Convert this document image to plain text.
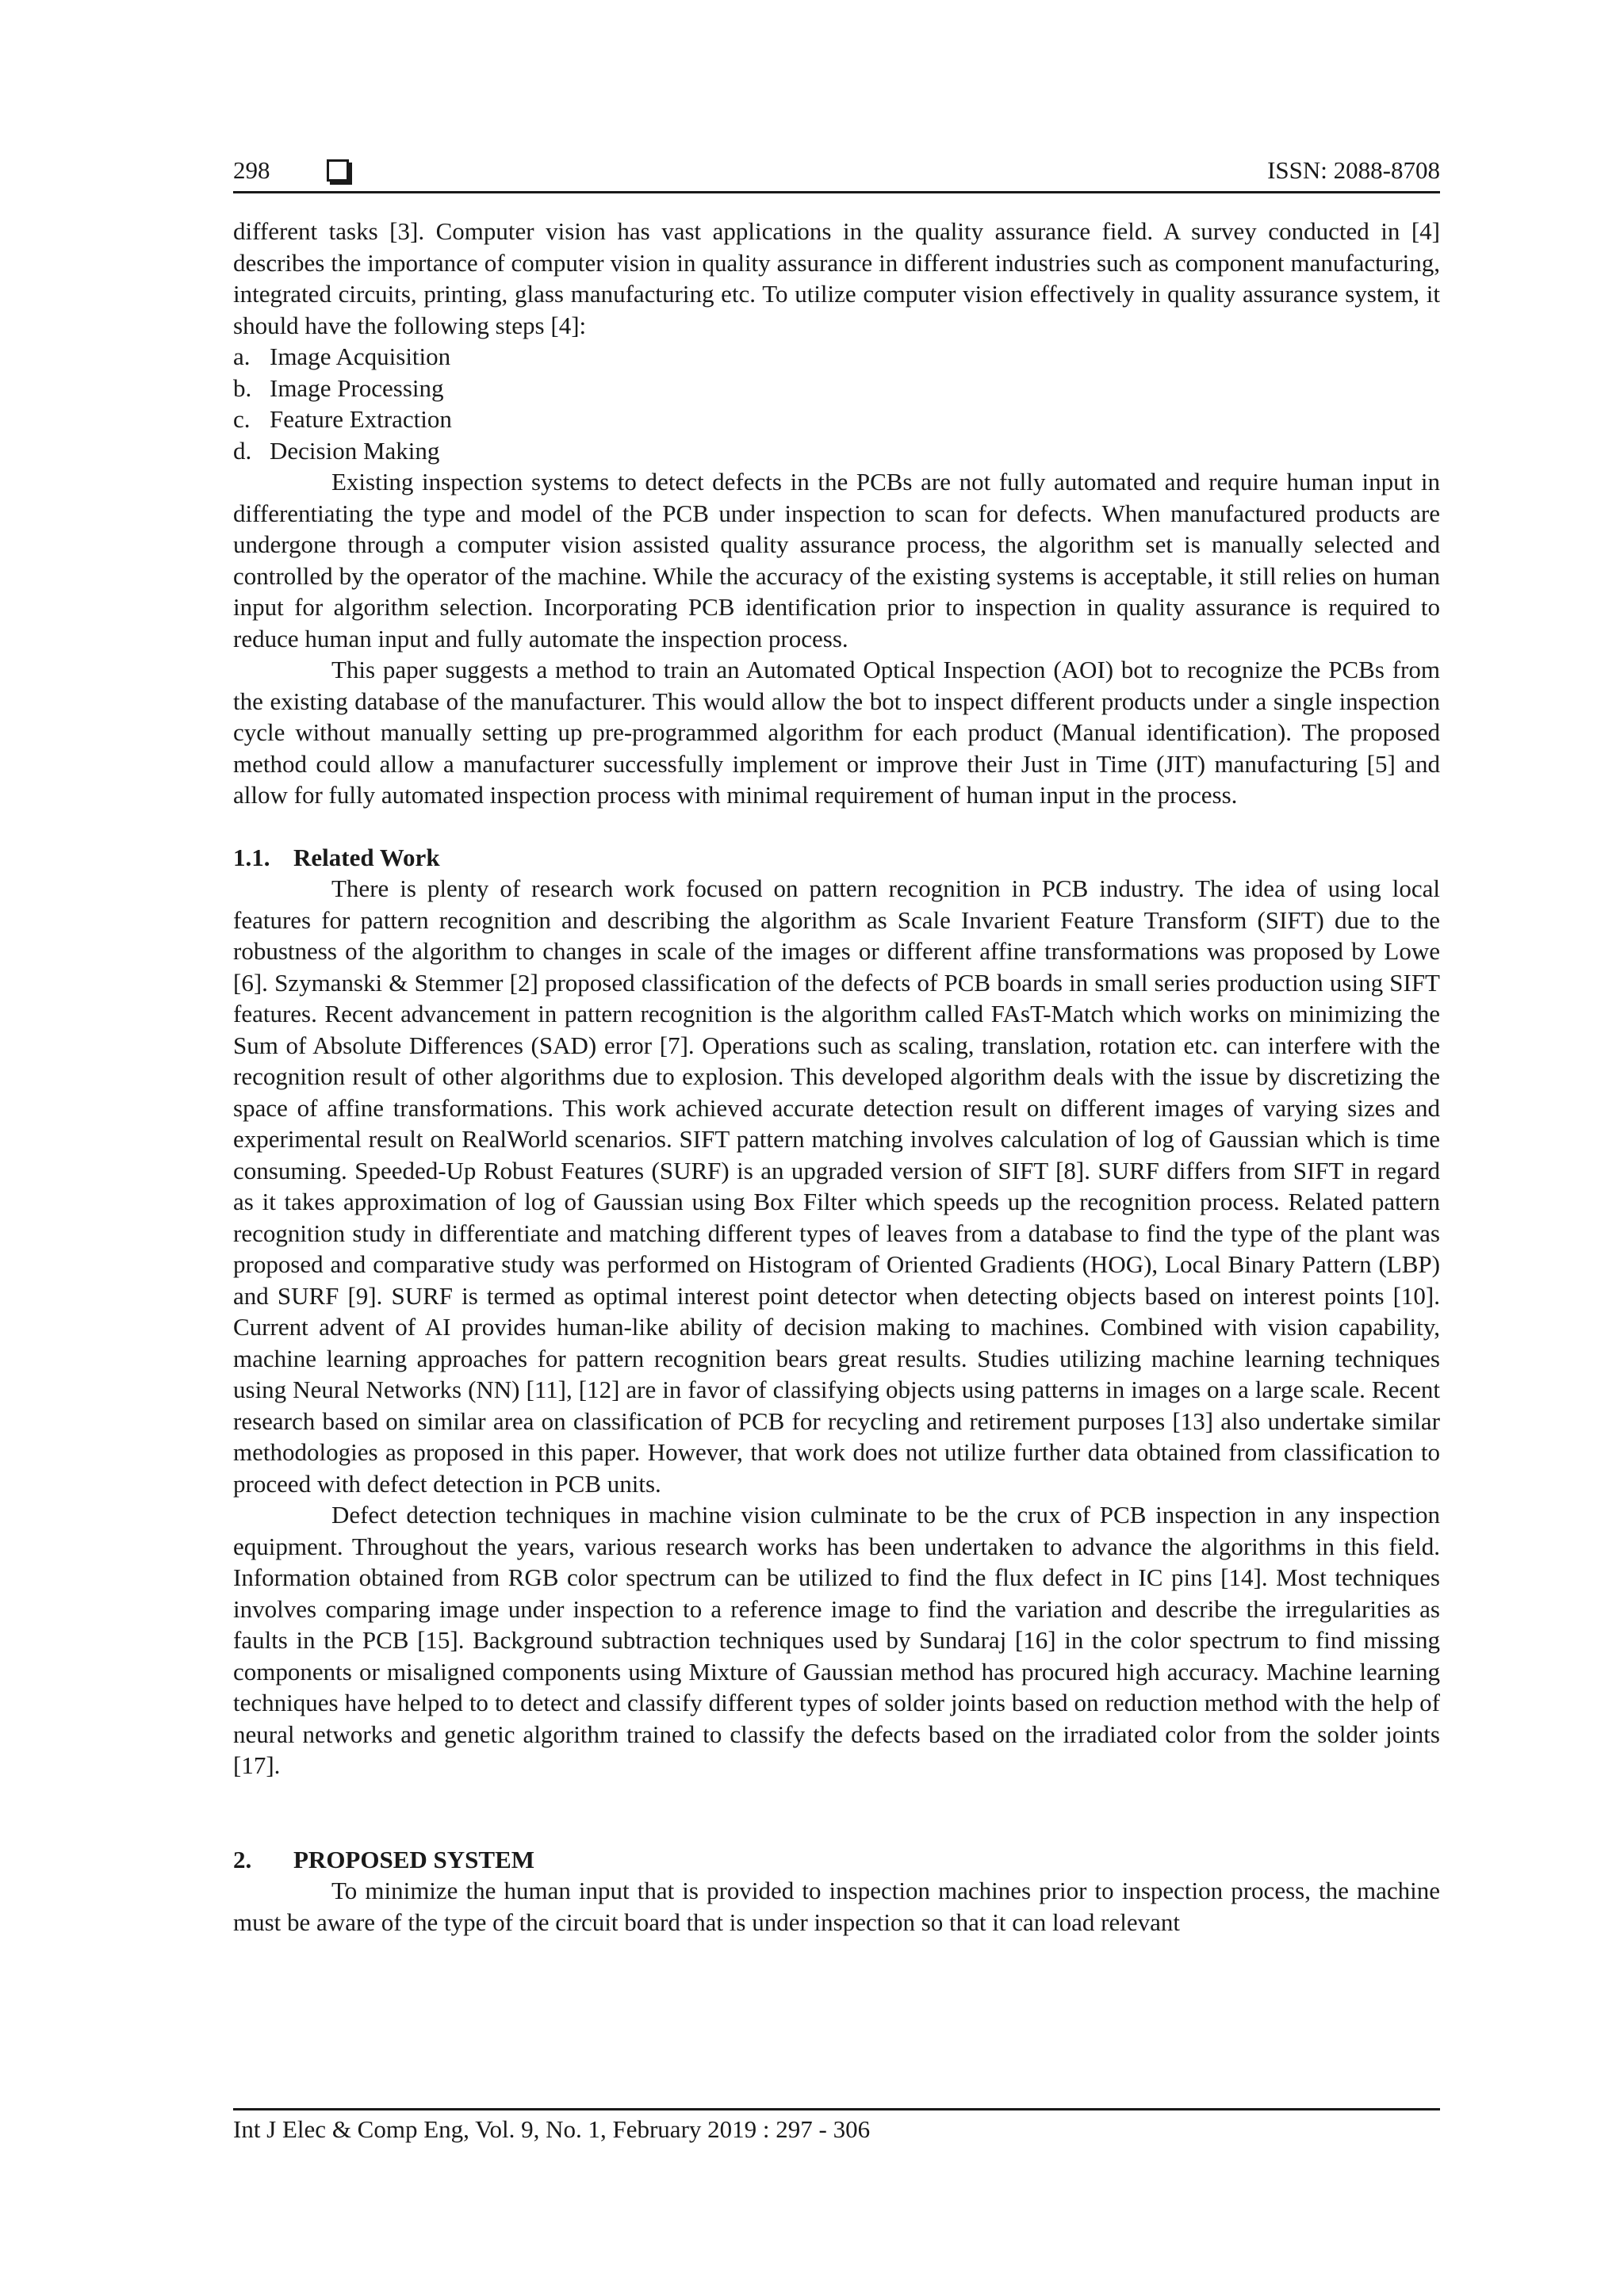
298	ISSN: 2088-8708

different tasks [3]. Computer vision has vast applications in the quality assurance field. A survey conducted in [4] describes the importance of computer vision in quality assurance in different industries such as component manufacturing, integrated circuits, printing, glass manufacturing etc. To utilize computer vision effectively in quality assurance system, it should have the following steps [4]:

a. Image Acquisition
b. Image Processing
c. Feature Extraction
d. Decision Making

Existing inspection systems to detect defects in the PCBs are not fully automated and require human input in differentiating the type and model of the PCB under inspection to scan for defects. When manufactured products are undergone through a computer vision assisted quality assurance process, the algorithm set is manually selected and controlled by the operator of the machine. While the accuracy of the existing systems is acceptable, it still relies on human input for algorithm selection. Incorporating PCB identification prior to inspection in quality assurance is required to reduce human input and fully automate the inspection process.

This paper suggests a method to train an Automated Optical Inspection (AOI) bot to recognize the PCBs from the existing database of the manufacturer. This would allow the bot to inspect different products under a single inspection cycle without manually setting up pre-programmed algorithm for each product (Manual identification). The proposed method could allow a manufacturer successfully implement or improve their Just in Time (JIT) manufacturing [5] and allow for fully automated inspection process with minimal requirement of human input in the process.

1.1. Related Work

There is plenty of research work focused on pattern recognition in PCB industry. The idea of using local features for pattern recognition and describing the algorithm as Scale Invarient Feature Transform (SIFT) due to the robustness of the algorithm to changes in scale of the images or different affine transformations was proposed by Lowe [6]. Szymanski & Stemmer [2] proposed classification of the defects of PCB boards in small series production using SIFT features. Recent advancement in pattern recognition is the algorithm called FAsT-Match which works on minimizing the Sum of Absolute Differences (SAD) error [7]. Operations such as scaling, translation, rotation etc. can interfere with the recognition result of other algorithms due to explosion. This developed algorithm deals with the issue by discretizing the space of affine transformations. This work achieved accurate detection result on different images of varying sizes and experimental result on RealWorld scenarios. SIFT pattern matching involves calculation of log of Gaussian which is time consuming. Speeded-Up Robust Features (SURF) is an upgraded version of SIFT [8]. SURF differs from SIFT in regard as it takes approximation of log of Gaussian using Box Filter which speeds up the recognition process. Related pattern recognition study in differentiate and matching different types of leaves from a database to find the type of the plant was proposed and comparative study was performed on Histogram of Oriented Gradients (HOG), Local Binary Pattern (LBP) and SURF [9]. SURF is termed as optimal interest point detector when detecting objects based on interest points [10]. Current advent of AI provides human-like ability of decision making to machines. Combined with vision capability, machine learning approaches for pattern recognition bears great results. Studies utilizing machine learning techniques using Neural Networks (NN) [11], [12] are in favor of classifying objects using patterns in images on a large scale. Recent research based on similar area on classification of PCB for recycling and retirement purposes [13] also undertake similar methodologies as proposed in this paper. However, that work does not utilize further data obtained from classification to proceed with defect detection in PCB units.

Defect detection techniques in machine vision culminate to be the crux of PCB inspection in any inspection equipment. Throughout the years, various research works has been undertaken to advance the algorithms in this field. Information obtained from RGB color spectrum can be utilized to find the flux defect in IC pins [14]. Most techniques involves comparing image under inspection to a reference image to find the variation and describe the irregularities as faults in the PCB [15]. Background subtraction techniques used by Sundaraj [16] in the color spectrum to find missing components or misaligned components using Mixture of Gaussian method has procured high accuracy. Machine learning techniques have helped to to detect and classify different types of solder joints based on reduction method with the help of neural networks and genetic algorithm trained to classify the defects based on the irradiated color from the solder joints [17].

2.	PROPOSED SYSTEM

To minimize the human input that is provided to inspection machines prior to inspection process, the machine must be aware of the type of the circuit board that is under inspection so that it can load relevant

Int J Elec & Comp Eng, Vol. 9, No. 1, February 2019 : 297 - 306
